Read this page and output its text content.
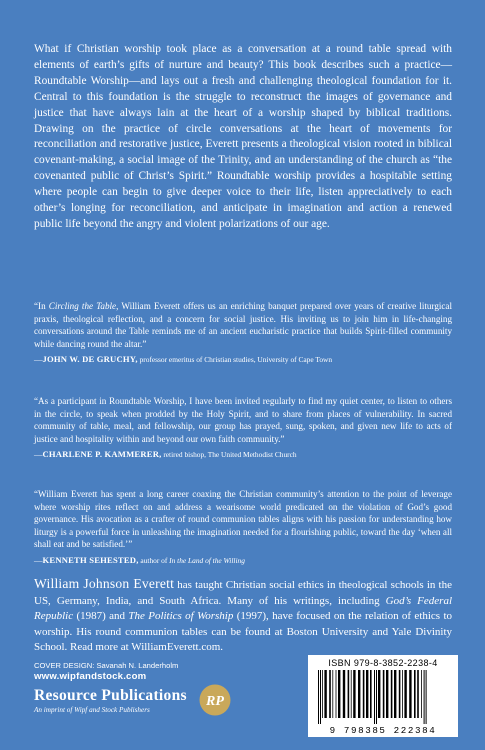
What if Christian worship took place as a conversation at a round table spread with elements of earth’s gifts of nurture and beauty? This book describes such a practice—Roundtable Worship—and lays out a fresh and challenging theological foundation for it. Central to this foundation is the struggle to reconstruct the images of governance and justice that have always lain at the heart of a worship shaped by biblical traditions. Drawing on the practice of circle conversations at the heart of movements for reconciliation and restorative justice, Everett presents a theological vision rooted in biblical covenant-making, a social image of the Trinity, and an understanding of the church as “the covenanted public of Christ’s Spirit.” Roundtable worship provides a hospitable setting where people can begin to give deeper voice to their life, listen appreciatively to each other’s longing for reconciliation, and anticipate in imagination and action a renewed public life beyond the angry and violent polarizations of our age.

“In Circling the Table, William Everett offers us an enriching banquet prepared over years of creative liturgical praxis, theological reflection, and a concern for social justice. His inviting us to join him in life-changing conversations around the Table reminds me of an ancient eucharistic practice that builds Spirit-filled community while dancing round the altar.”

—JOHN W. DE GRUCHY, professor emeritus of Christian studies, University of Cape Town

“As a participant in Roundtable Worship, I have been invited regularly to find my quiet center, to listen to others in the circle, to speak when prodded by the Holy Spirit, and to share from places of vulnerability. In sacred community of table, meal, and fellowship, our group has prayed, sung, spoken, and given new life to acts of justice and hospitality within and beyond our own faith community.”

—CHARLENE P. KAMMERER, retired bishop, The United Methodist Church

“William Everett has spent a long career coaxing the Christian community’s attention to the point of leverage where worship rites reflect on and address a wearisome world predicated on the violation of God’s good governance. His avocation as a crafter of round communion tables aligns with his passion for understanding how liturgy is a powerful force in unleashing the imagination needed for a flourishing public, toward the day ‘when all shall eat and be satisfied.’”

—KENNETH SEHESTED, author of In the Land of the Willing

William Johnson Everett has taught Christian social ethics in theological schools in the US, Germany, India, and South Africa. Many of his writings, including God’s Federal Republic (1987) and The Politics of Worship (1997), have focused on the relation of ethics to worship. His round communion tables can be found at Boston University and Yale Divinity School. Read more at WilliamEverett.com.

COVER DESIGN: Savanah N. Landerholm
www.wipfandstock.com
Resource Publications
An imprint of Wipf and Stock Publishers
RP
ISBN 979-8-3852-2238-4
9 798385 222384
